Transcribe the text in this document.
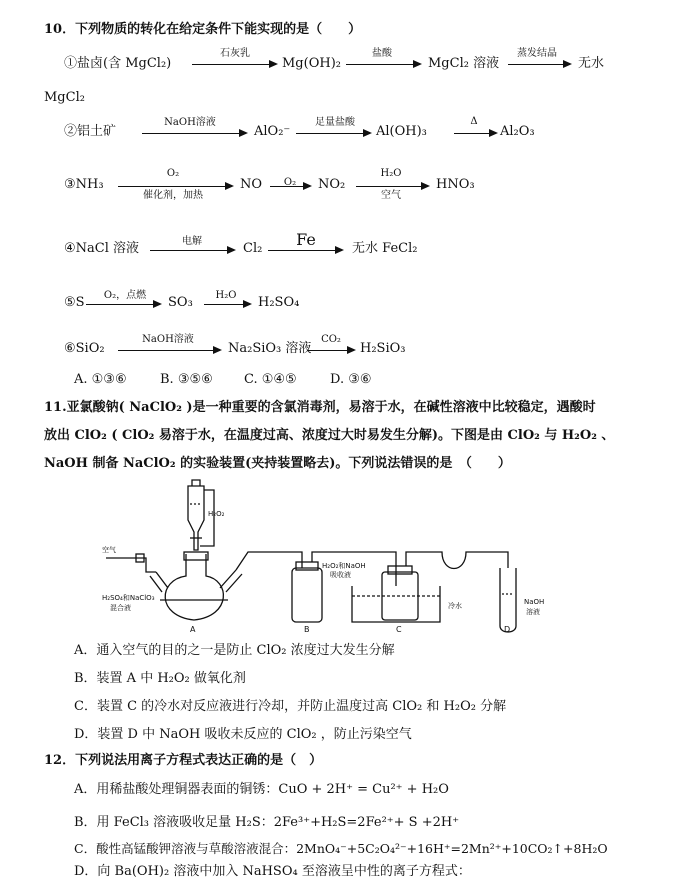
10．下列物质的转化在给定条件下能实现的是（　　）
①盐卤(含 MgCl₂)
石灰乳
Mg(OH)₂
盐酸
MgCl₂ 溶液
蒸发结晶
无水
MgCl₂
②铝土矿
NaOH溶液
AlO₂⁻
足量盐酸
Al(OH)₃
Δ
Al₂O₃
③NH₃
O₂
催化剂，加热
NO O₂ NO₂
H₂O
空气
HNO₃
④NaCl 溶液	电解	Cl₂ Fe	无水 FeCl₂
⑤S O₂，点燃 SO₃ H₂O H₂SO₄
⑥SiO₂
NaOH溶液
Na₂SiO₃ 溶液
CO₂
H₂SiO₃
A. ①③⑥	B. ③⑤⑥ C. ①④⑤	D. ③⑥
11.亚氯酸钠( NaClO₂ )是一种重要的含氯消毒剂，易溶于水，在碱性溶液中比较稳定，遇酸时
放出 ClO₂ ( ClO₂ 易溶于水，在温度过高、浓度过大时易发生分解)。下图是由 ClO₂ 与 H₂O₂ 、
NaOH 制备 NaClO₂ 的实验装置(夹持装置略去)。下列说法错误的是　（　　）
H₂O₂
空气
H₂SO₄和NaClO₃
混合液
A	B
H₂O₂和NaOH
吸收液
C
冷水	NaOH
溶液
D
A．通入空气的目的之一是防止 ClO₂ 浓度过大发生分解
B．装置 A 中 H₂O₂ 做氧化剂
C．装置 C 的冷水对反应液进行冷却，并防止温度过高 ClO₂ 和 H₂O₂ 分解
D．装置 D 中 NaOH 吸收未反应的 ClO₂ ，防止污染空气
12．下列说法用离子方程式表达正确的是（　）
A．用稀盐酸处理铜器表面的铜锈：CuO + 2H⁺ = Cu²⁺ + H₂O
B．用 FeCl₃ 溶液吸收足量 H₂S：2Fe³⁺+H₂S=2Fe²⁺+ S +2H⁺
C．酸性高锰酸钾溶液与草酸溶液混合：2MnO₄⁻+5C₂O₄²⁻+16H⁺=2Mn²⁺+10CO₂↑+8H₂O
D．向 Ba(OH)₂ 溶液中加入 NaHSO₄ 至溶液呈中性的离子方程式：
